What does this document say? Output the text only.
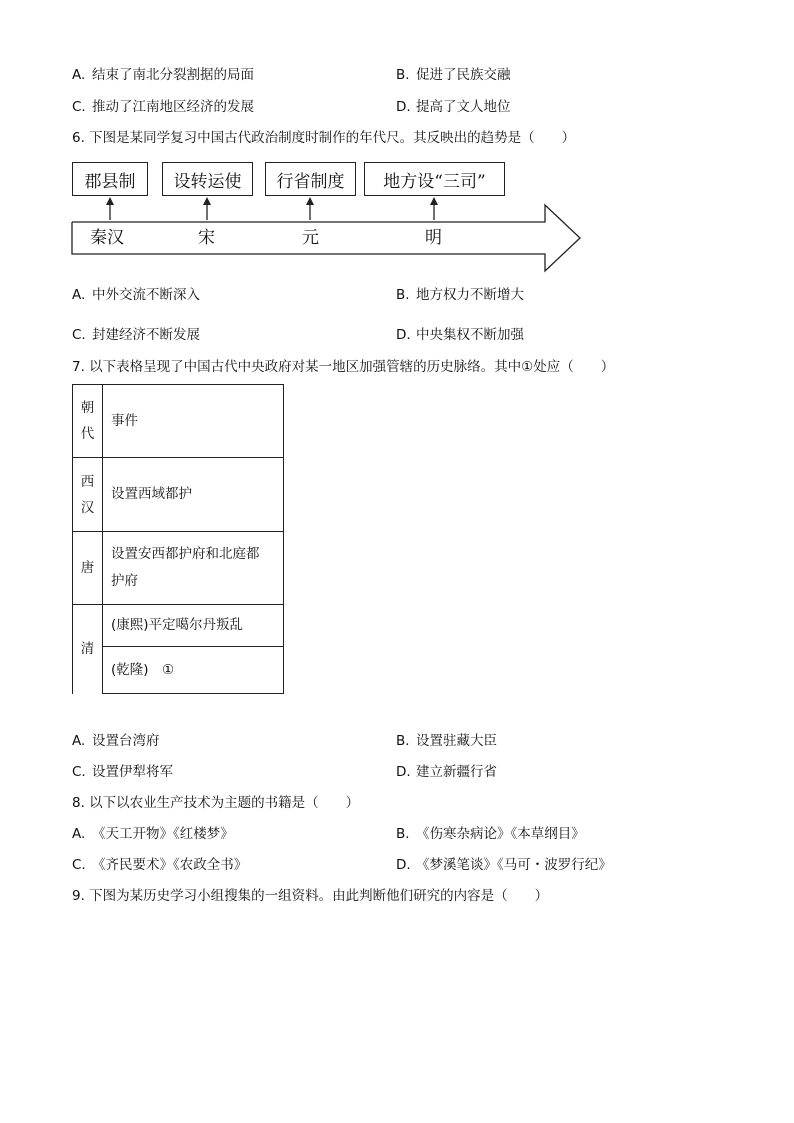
A. 结束了南北分裂割据的局面	B. 促进了民族交融
C. 推动了江南地区经济的发展	D. 提高了文人地位
6. 下图是某同学复习中国古代政治制度时制作的年代尺。其反映出的趋势是（　　）
郡县制	设转运使	行省制度	地方设“三司”
秦汉	宋	元	明
A. 中外交流不断深入	B. 地方权力不断增大
C. 封建经济不断发展	D. 中央集权不断加强
7. 以下表格呈现了中国古代中央政府对某一地区加强管辖的历史脉络。其中①处应（　　）
朝
代	事件

西
汉	设置西域都护
唐	设置安西都护府和北庭都
护府

清	(康熙)平定噶尔丹叛乱
	(乾隆)　①
A. 设置台湾府	B. 设置驻藏大臣
C. 设置伊犁将军	D. 建立新疆行省
8. 以下以农业生产技术为主题的书籍是（　　）
A. 《天工开物》《红楼梦》	B. 《伤寒杂病论》《本草纲目》
C. 《齐民要术》《农政全书》	D. 《梦溪笔谈》《马可・波罗行纪》
9. 下图为某历史学习小组搜集的一组资料。由此判断他们研究的内容是（　　）
